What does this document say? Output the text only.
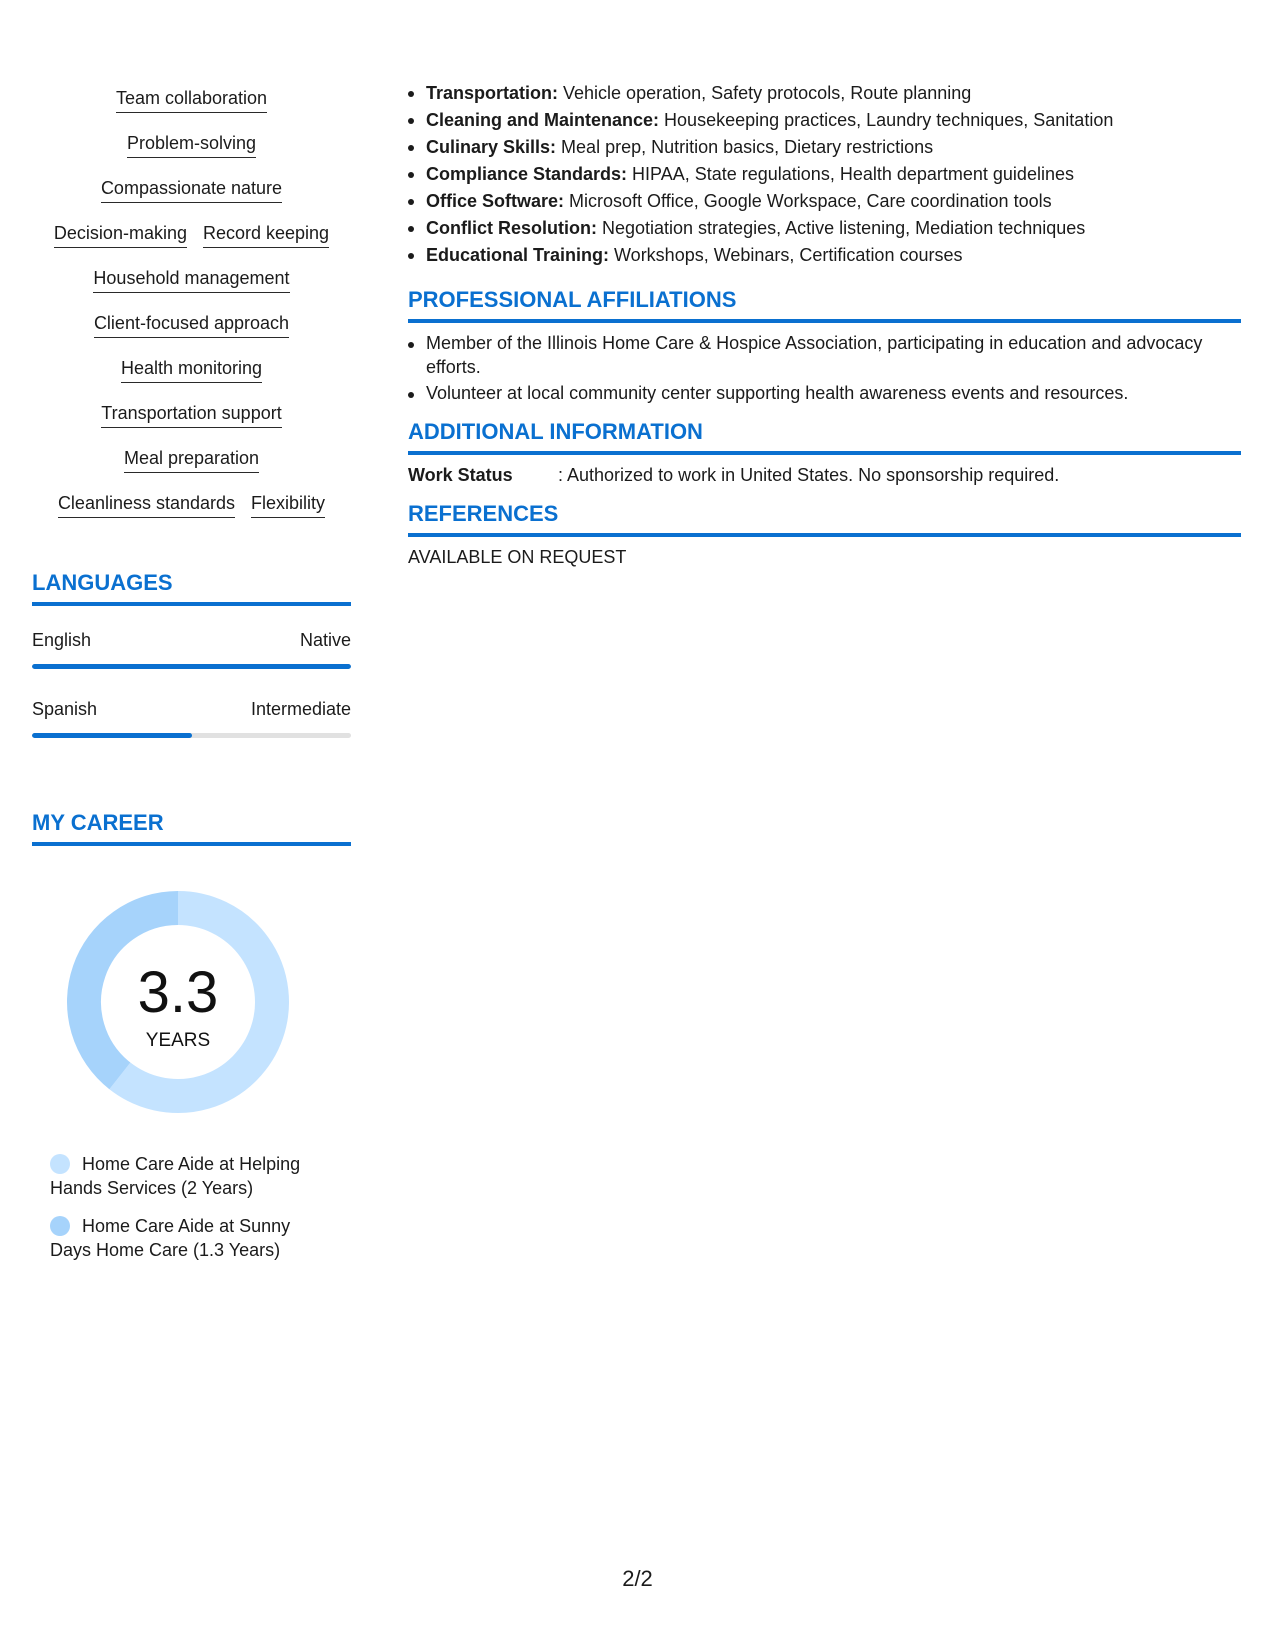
Team collaboration
Problem-solving
Compassionate nature
Decision-making Record keeping
Household management
Client-focused approach
Health monitoring
Transportation support
Meal preparation
Cleanliness standards Flexibility
LANGUAGES
English	Native
Spanish	Intermediate
MY CAREER
3.3
YEARS
Home Care Aide at Helping Hands Services (2 Years)
Home Care Aide at Sunny Days Home Care (1.3 Years)
Transportation: Vehicle operation, Safety protocols, Route planning
Cleaning and Maintenance: Housekeeping practices, Laundry techniques, Sanitation
Culinary Skills: Meal prep, Nutrition basics, Dietary restrictions
Compliance Standards: HIPAA, State regulations, Health department guidelines
Office Software: Microsoft Office, Google Workspace, Care coordination tools
Conflict Resolution: Negotiation strategies, Active listening, Mediation techniques
Educational Training: Workshops, Webinars, Certification courses
PROFESSIONAL AFFILIATIONS
Member of the Illinois Home Care & Hospice Association, participating in education and advocacy efforts.
Volunteer at local community center supporting health awareness events and resources.
ADDITIONAL INFORMATION
Work Status	: Authorized to work in United States. No sponsorship required.
REFERENCES
AVAILABLE ON REQUEST
2/2
